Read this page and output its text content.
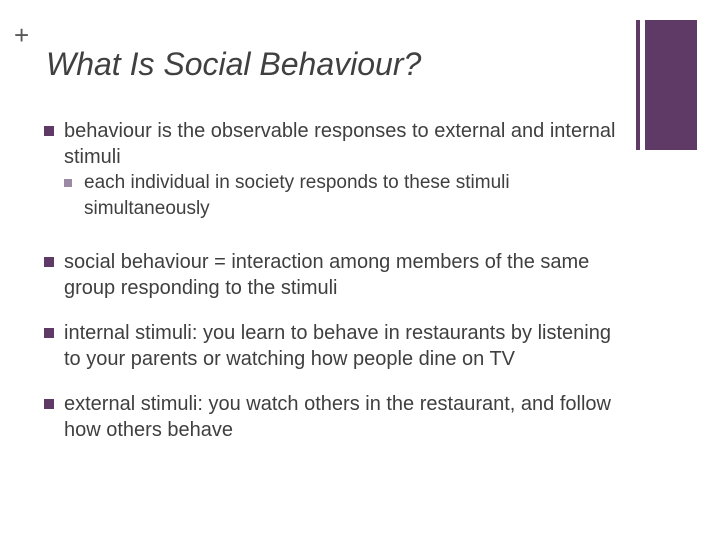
+
What Is Social Behaviour?
behaviour is the observable responses to external and internal stimuli
each individual in society responds to these stimuli simultaneously
social behaviour = interaction among members of the same group responding to the stimuli
internal stimuli: you learn to behave in restaurants by listening to your parents or watching how people dine on TV
external stimuli: you watch others in the restaurant, and follow how others behave
